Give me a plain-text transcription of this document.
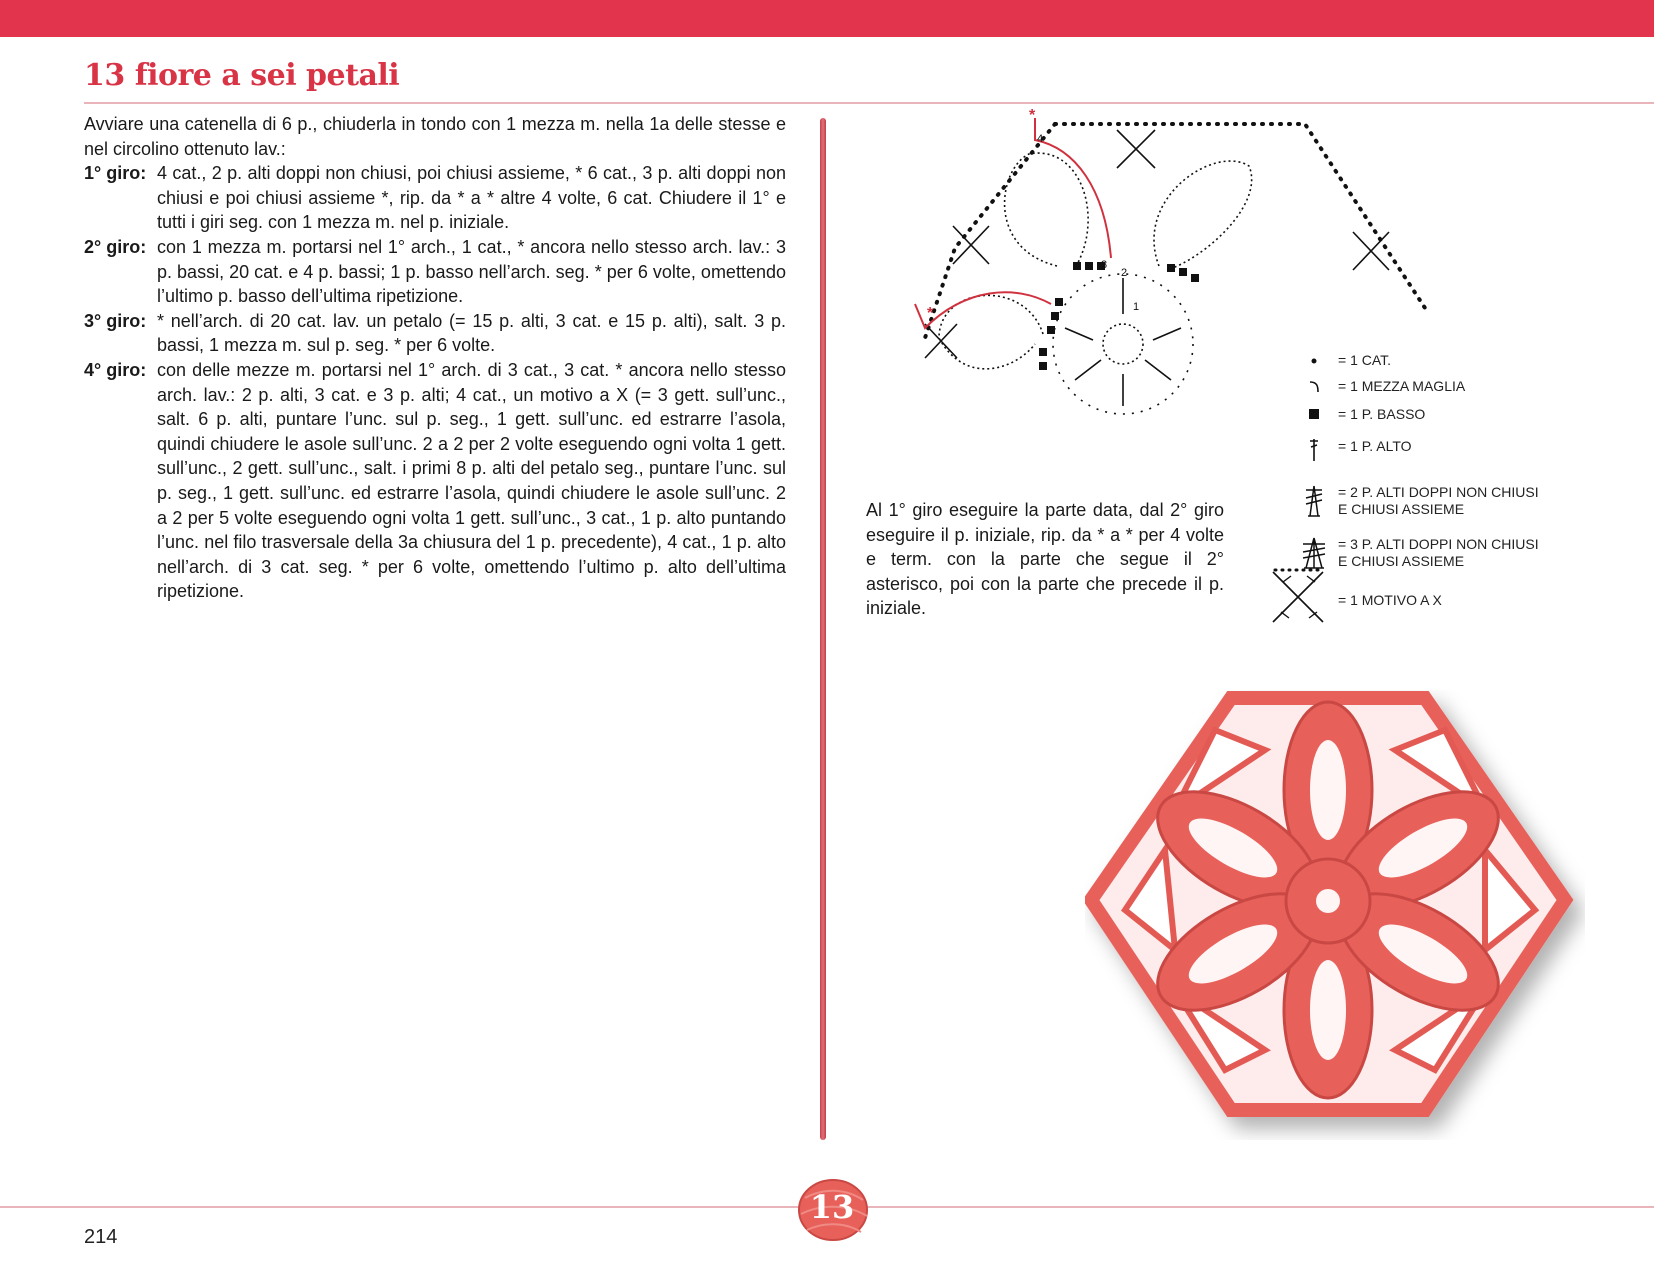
13 fiore a sei petali

Avviare una catenella di 6 p., chiuderla in tondo con 1 mezza m. nella 1a delle stesse e nel circolino ottenuto lav.:

1° giro: 4 cat., 2 p. alti doppi non chiusi, poi chiusi assieme, * 6 cat., 3 p. alti doppi non chiusi e poi chiusi assieme *, rip. da * a * altre 4 volte, 6 cat. Chiudere il 1° e tutti i giri seg. con 1 mezza m. nel p. iniziale.
2° giro: con 1 mezza m. portarsi nel 1° arch., 1 cat., * ancora nello stesso arch. lav.: 3 p. bassi, 20 cat. e 4 p. bassi; 1 p. basso nell’arch. seg. * per 6 volte, omettendo l’ultimo p. basso dell’ultima ripetizione.
3° giro: * nell’arch. di 20 cat. lav. un petalo (= 15 p. alti, 3 cat. e 15 p. alti), salt. 3 p. bassi, 1 mezza m. sul p. seg. * per 6 volte.
4° giro: con delle mezze m. portarsi nel 1° arch. di 3 cat., 3 cat. * ancora nello stesso arch. lav.: 2 p. alti, 3 cat. e 3 p. alti; 4 cat., un motivo a X (= 3 gett. sull’unc., salt. 6 p. alti, puntare l’unc. sul p. seg., 1 gett. sull’unc. ed estrarre l’asola, quindi chiudere le asole sull’unc. 2 a 2 per 2 volte eseguendo ogni volta 1 gett. sull’unc., 2 gett. sull’unc., salt. i primi 8 p. alti del petalo seg., puntare l’unc. sul p. seg., 1 gett. sull’unc. ed estrarre l’asola, quindi chiudere le asole sull’unc. 2 a 2 per 5 volte eseguendo ogni volta 1 gett. sull’unc., 3 cat., 1 p. alto puntando l’unc. nel filo trasversale della 3a chiusura del 1 p. precedente), 4 cat., 1 p. alto nell’arch. di 3 cat. seg. * per 6 volte, omettendo l’ultimo p. alto dell’ultima ripetizione.
4
3
2
1
*
*
= 1 CAT.
= 1 MEZZA MAGLIA
= 1 P. BASSO
= 1 P. ALTO
= 2 P. ALTI DOPPI NON CHIUSI
E CHIUSI ASSIEME
= 3 P. ALTI DOPPI NON CHIUSI
E CHIUSI ASSIEME
= 1 MOTIVO A X

Al 1° giro eseguire la parte data, dal 2° giro eseguire il p. iniziale, rip. da * a * per 4 volte e term. con la parte che segue il 2° asterisco, poi con la parte che precede il p. iniziale.

13
214
